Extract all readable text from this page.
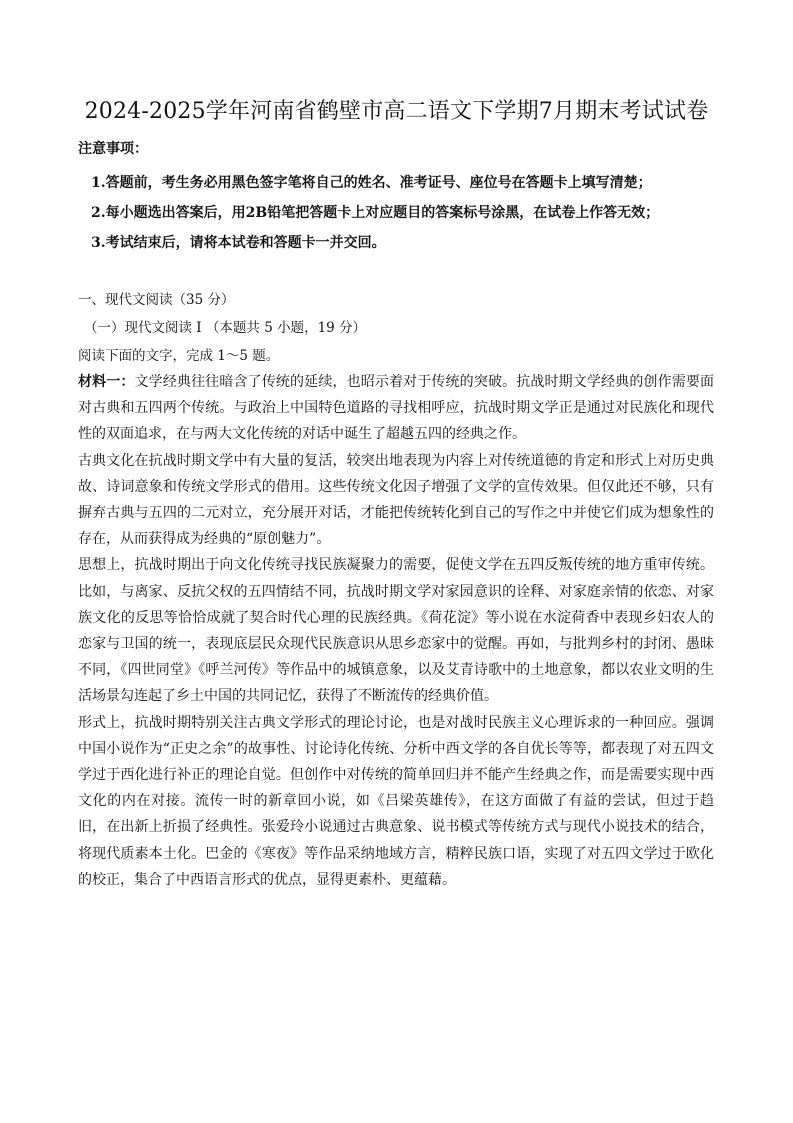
2024-2025学年河南省鹤壁市高二语文下学期7月期末考试试卷
注意事项：
1.答题前，考生务必用黑色签字笔将自己的姓名、准考证号、座位号在答题卡上填写清楚；
2.每小题选出答案后，用2B铅笔把答题卡上对应题目的答案标号涂黑，在试卷上作答无效；
3.考试结束后，请将本试卷和答题卡一并交回。
一、现代文阅读（35 分）
（一）现代文阅读 I （本题共 5 小题，19 分）
阅读下面的文字，完成 1～5 题。

材料一：文学经典往往暗含了传统的延续，也昭示着对于传统的突破。抗战时期文学经典的创作需要面对古典和五四两个传统。与政治上中国特色道路的寻找相呼应，抗战时期文学正是通过对民族化和现代性的双面追求，在与两大文化传统的对话中诞生了超越五四的经典之作。

古典文化在抗战时期文学中有大量的复活，较突出地表现为内容上对传统道德的肯定和形式上对历史典故、诗词意象和传统文学形式的借用。这些传统文化因子增强了文学的宣传效果。但仅此还不够，只有摒弃古典与五四的二元对立，充分展开对话，才能把传统转化到自己的写作之中并使它们成为想象性的存在，从而获得成为经典的“原创魅力”。

思想上，抗战时期出于向文化传统寻找民族凝聚力的需要，促使文学在五四反叛传统的地方重审传统。比如，与离家、反抗父权的五四情结不同，抗战时期文学对家园意识的诠释、对家庭亲情的依恋、对家族文化的反思等恰恰成就了契合时代心理的民族经典。《荷花淀》等小说在水淀荷香中表现乡妇农人的恋家与卫国的统一，表现底层民众现代民族意识从思乡恋家中的觉醒。再如，与批判乡村的封闭、愚昧不同，《四世同堂》《呼兰河传》等作品中的城镇意象，以及艾青诗歌中的土地意象，都以农业文明的生活场景勾连起了乡土中国的共同记忆，获得了不断流传的经典价值。

形式上，抗战时期特别关注古典文学形式的理论讨论，也是对战时民族主义心理诉求的一种回应。强调中国小说作为“正史之余”的故事性、讨论诗化传统、分析中西文学的各自优长等等，都表现了对五四文学过于西化进行补正的理论自觉。但创作中对传统的简单回归并不能产生经典之作，而是需要实现中西文化的内在对接。流传一时的新章回小说，如《吕梁英雄传》，在这方面做了有益的尝试，但过于趋旧，在出新上折损了经典性。张爱玲小说通过古典意象、说书模式等传统方式与现代小说技术的结合，将现代质素本土化。巴金的《寒夜》等作品采纳地域方言，精粹民族口语，实现了对五四文学过于欧化的校正，集合了中西语言形式的优点，显得更素朴、更蕴藉。
